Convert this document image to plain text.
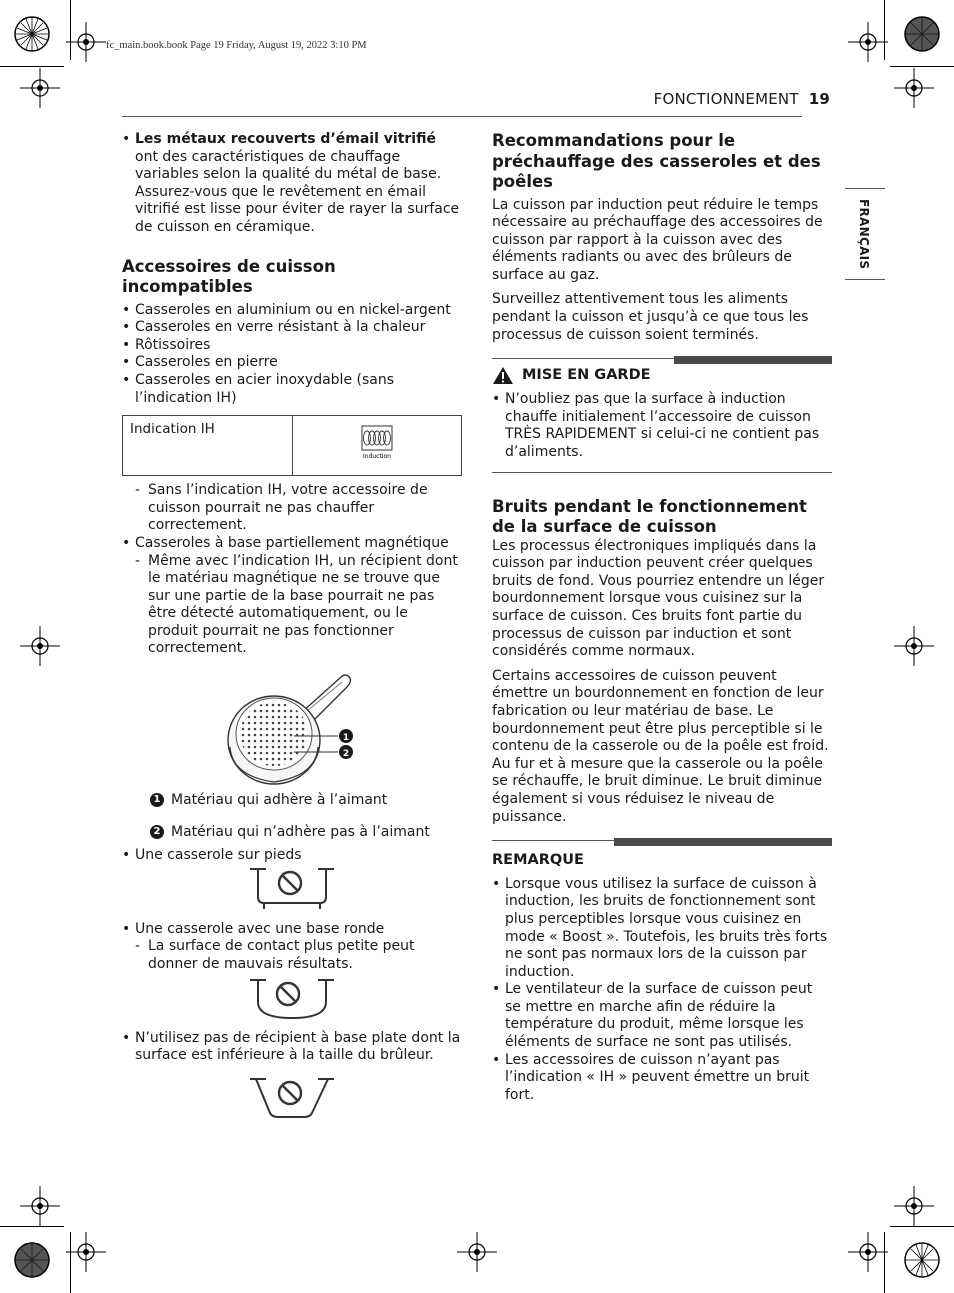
fc_main.book.book Page 19 Friday, August 19, 2022 3:10 PM
FONCTIONNEMENT 19
FRANÇAIS

• Les métaux recouverts d’émail vitrifié ont des caractéristiques de chauffage variables selon la qualité du métal de base. Assurez-vous que le revêtement en émail vitrifié est lisse pour éviter de rayer la surface de cuisson en céramique.

Accessoires de cuisson incompatibles

• Casseroles en aluminium ou en nickel-argent

• Casseroles en verre résistant à la chaleur

• Rôtissoires

• Casseroles en pierre

• Casseroles en acier inoxydable (sans l’indication IH)

Indication IH	
Induction

- Sans l’indication IH, votre accessoire de cuisson pourrait ne pas chauffer correctement.

• Casseroles à base partiellement magnétique

- Même avec l’indication IH, un récipient dont le matériau magnétique ne se trouve que sur une partie de la base pourrait ne pas être détecté automatiquement, ou le produit pourrait ne pas fonctionner correctement.

1
2

1 Matériau qui adhère à l’aimant

2 Matériau qui n’adhère pas à l’aimant

• Une casserole sur pieds

• Une casserole avec une base ronde

- La surface de contact plus petite peut donner de mauvais résultats.

• N’utilisez pas de récipient à base plate dont la surface est inférieure à la taille du brûleur.

Recommandations pour le préchauffage des casseroles et des poêles

La cuisson par induction peut réduire le temps nécessaire au préchauffage des accessoires de cuisson par rapport à la cuisson avec des éléments radiants ou avec des brûleurs de surface au gaz.

Surveillez attentivement tous les aliments pendant la cuisson et jusqu’à ce que tous les processus de cuisson soient terminés.

MISE EN GARDE

• N’oubliez pas que la surface à induction chauffe initialement l’accessoire de cuisson TRÈS RAPIDEMENT si celui-ci ne contient pas d’aliments.

Bruits pendant le fonctionnement de la surface de cuisson

Les processus électroniques impliqués dans la cuisson par induction peuvent créer quelques bruits de fond. Vous pourriez entendre un léger bourdonnement lorsque vous cuisinez sur la surface de cuisson. Ces bruits font partie du processus de cuisson par induction et sont considérés comme normaux.

Certains accessoires de cuisson peuvent émettre un bourdonnement en fonction de leur fabrication ou leur matériau de base. Le bourdonnement peut être plus perceptible si le contenu de la casserole ou de la poêle est froid. Au fur et à mesure que la casserole ou la poêle se réchauffe, le bruit diminue. Le bruit diminue également si vous réduisez le niveau de puissance.

REMARQUE

• Lorsque vous utilisez la surface de cuisson à induction, les bruits de fonctionnement sont plus perceptibles lorsque vous cuisinez en mode « Boost ». Toutefois, les bruits très forts ne sont pas normaux lors de la cuisson par induction.

• Le ventilateur de la surface de cuisson peut se mettre en marche afin de réduire la température du produit, même lorsque les éléments de surface ne sont pas utilisés.

• Les accessoires de cuisson n’ayant pas l’indication « IH » peuvent émettre un bruit fort.
